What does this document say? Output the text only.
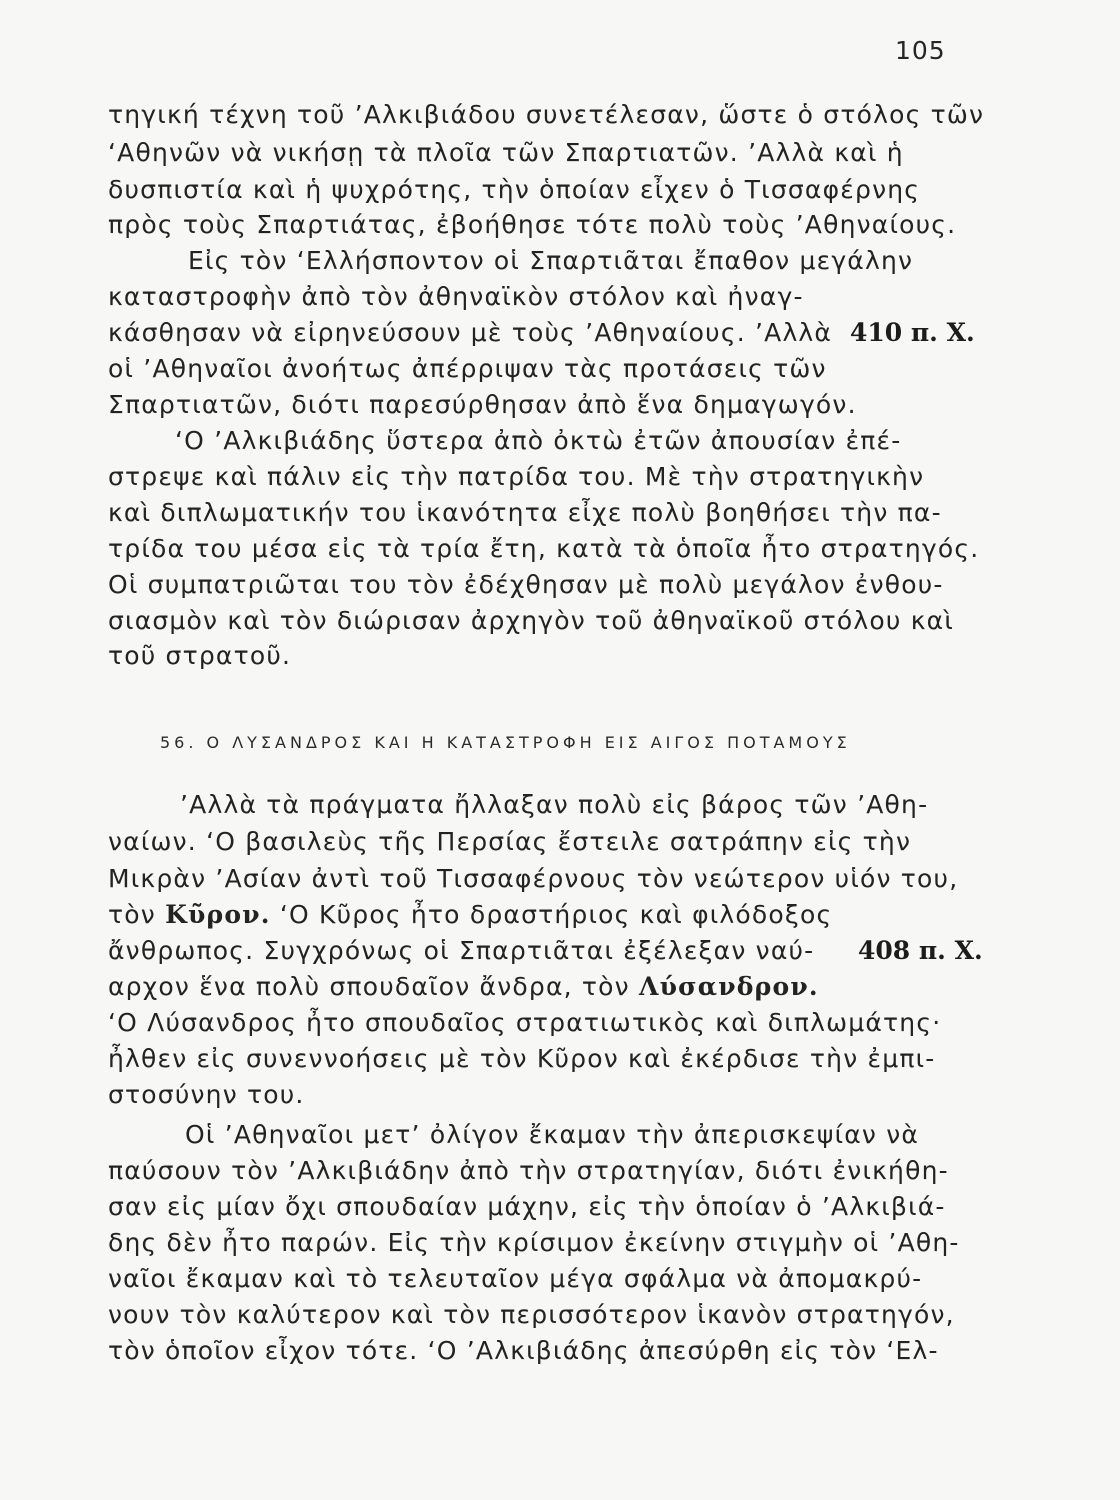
105
τηγική τέχνη τοῦ ’Αλκιβιάδου συνετέλεσαν, ὥστε ὁ στόλος τῶν
‘Αθηνῶν νὰ νικήσῃ τὰ πλοῖα τῶν Σπαρτιατῶν. ’Αλλὰ καὶ ἡ
δυσπιστία καὶ ἡ ψυχρότης, τὴν ὁποίαν εἶχεν ὁ Τισσαφέρνης
πρὸς τοὺς Σπαρτιάτας, ἐβοήθησε τότε πολὺ τοὺς ’Αθηναίους.
Εἰς τὸν ‘Ελλήσποντον οἱ Σπαρτιᾶται ἔπαθον μεγάλην
καταστροφὴν ἀπὸ τὸν ἀθηναϊκὸν στόλον καὶ ἠναγ-
κάσθησαν νὰ εἰρηνεύσουν μὲ τοὺς ’Αθηναίους. ’Αλλὰ 410 π. Χ.
οἱ ’Αθηναῖοι ἀνοήτως ἀπέρριψαν τὰς προτάσεις τῶν
Σπαρτιατῶν, διότι παρεσύρθησαν ἀπὸ ἕνα δημαγωγόν.
‘Ο ’Αλκιβιάδης ὕστερα ἀπὸ ὀκτὼ ἐτῶν ἀπουσίαν ἐπέ-
στρεψε καὶ πάλιν εἰς τὴν πατρίδα του. Μὲ τὴν στρατηγικὴν
καὶ διπλωματικήν του ἱκανότητα εἶχε πολὺ βοηθήσει τὴν πα-
τρίδα του μέσα εἰς τὰ τρία ἔτη, κατὰ τὰ ὁποῖα ἦτο στρατηγός.
Οἱ συμπατριῶται του τὸν ἐδέχθησαν μὲ πολὺ μεγάλον ἐνθου-
σιασμὸν καὶ τὸν διώρισαν ἀρχηγὸν τοῦ ἀθηναϊκοῦ στόλου καὶ
τοῦ στρατοῦ.
56. Ο ΛΥΣΑΝΔΡΟΣ ΚΑΙ Η ΚΑΤΑΣΤΡΟΦΗ ΕΙΣ ΑΙΓΟΣ ΠΟΤΑΜΟΥΣ
’Αλλὰ τὰ πράγματα ἤλλαξαν πολὺ εἰς βάρος τῶν ’Αθη-
ναίων. ‘Ο βασιλεὺς τῆς Περσίας ἔστειλε σατράπην εἰς τὴν
Μικρὰν ’Ασίαν ἀντὶ τοῦ Τισσαφέρνους τὸν νεώτερον υἱόν του,
τὸν Κῦρον. ‘Ο Κῦρος ἦτο δραστήριος καὶ φιλόδοξος
ἄνθρωπος. Συγχρόνως οἱ Σπαρτιᾶται ἐξέλεξαν ναύ- 408 π. Χ.
αρχον ἕνα πολὺ σπουδαῖον ἄνδρα, τὸν Λύσανδρον.
‘Ο Λύσανδρος ἦτο σπουδαῖος στρατιωτικὸς καὶ διπλωμάτης·
ἦλθεν εἰς συνεννοήσεις μὲ τὸν Κῦρον καὶ ἐκέρδισε τὴν ἐμπι-
στοσύνην του.
Οἱ ’Αθηναῖοι μετ’ ὀλίγον ἔκαμαν τὴν ἀπερισκεψίαν νὰ
παύσουν τὸν ’Αλκιβιάδην ἀπὸ τὴν στρατηγίαν, διότι ἐνικήθη-
σαν εἰς μίαν ὄχι σπουδαίαν μάχην, εἰς τὴν ὁποίαν ὁ ’Αλκιβιά-
δης δὲν ἦτο παρών. Εἰς τὴν κρίσιμον ἐκείνην στιγμὴν οἱ ’Αθη-
ναῖοι ἔκαμαν καὶ τὸ τελευταῖον μέγα σφάλμα νὰ ἀπομακρύ-
νουν τὸν καλύτερον καὶ τὸν περισσότερον ἱκανὸν στρατηγόν,
τὸν ὁποῖον εἶχον τότε. ‘Ο ’Αλκιβιάδης ἀπεσύρθη εἰς τὸν ‘Ελ-
